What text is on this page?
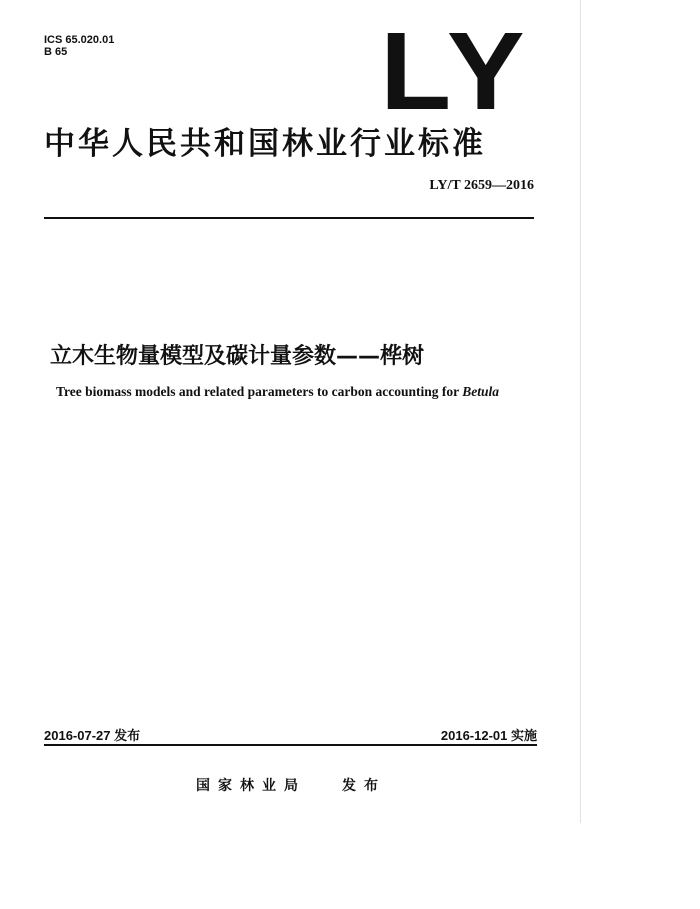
ICS 65.020.01
B 65	LY
中华人民共和国林业行业标准
LY/T 2659—2016
立木生物量模型及碳计量参数——桦树
Tree biomass models and related parameters to carbon accounting for Betula
2016-07-27 发布	2016-12-01 实施
国家林业局	发布
